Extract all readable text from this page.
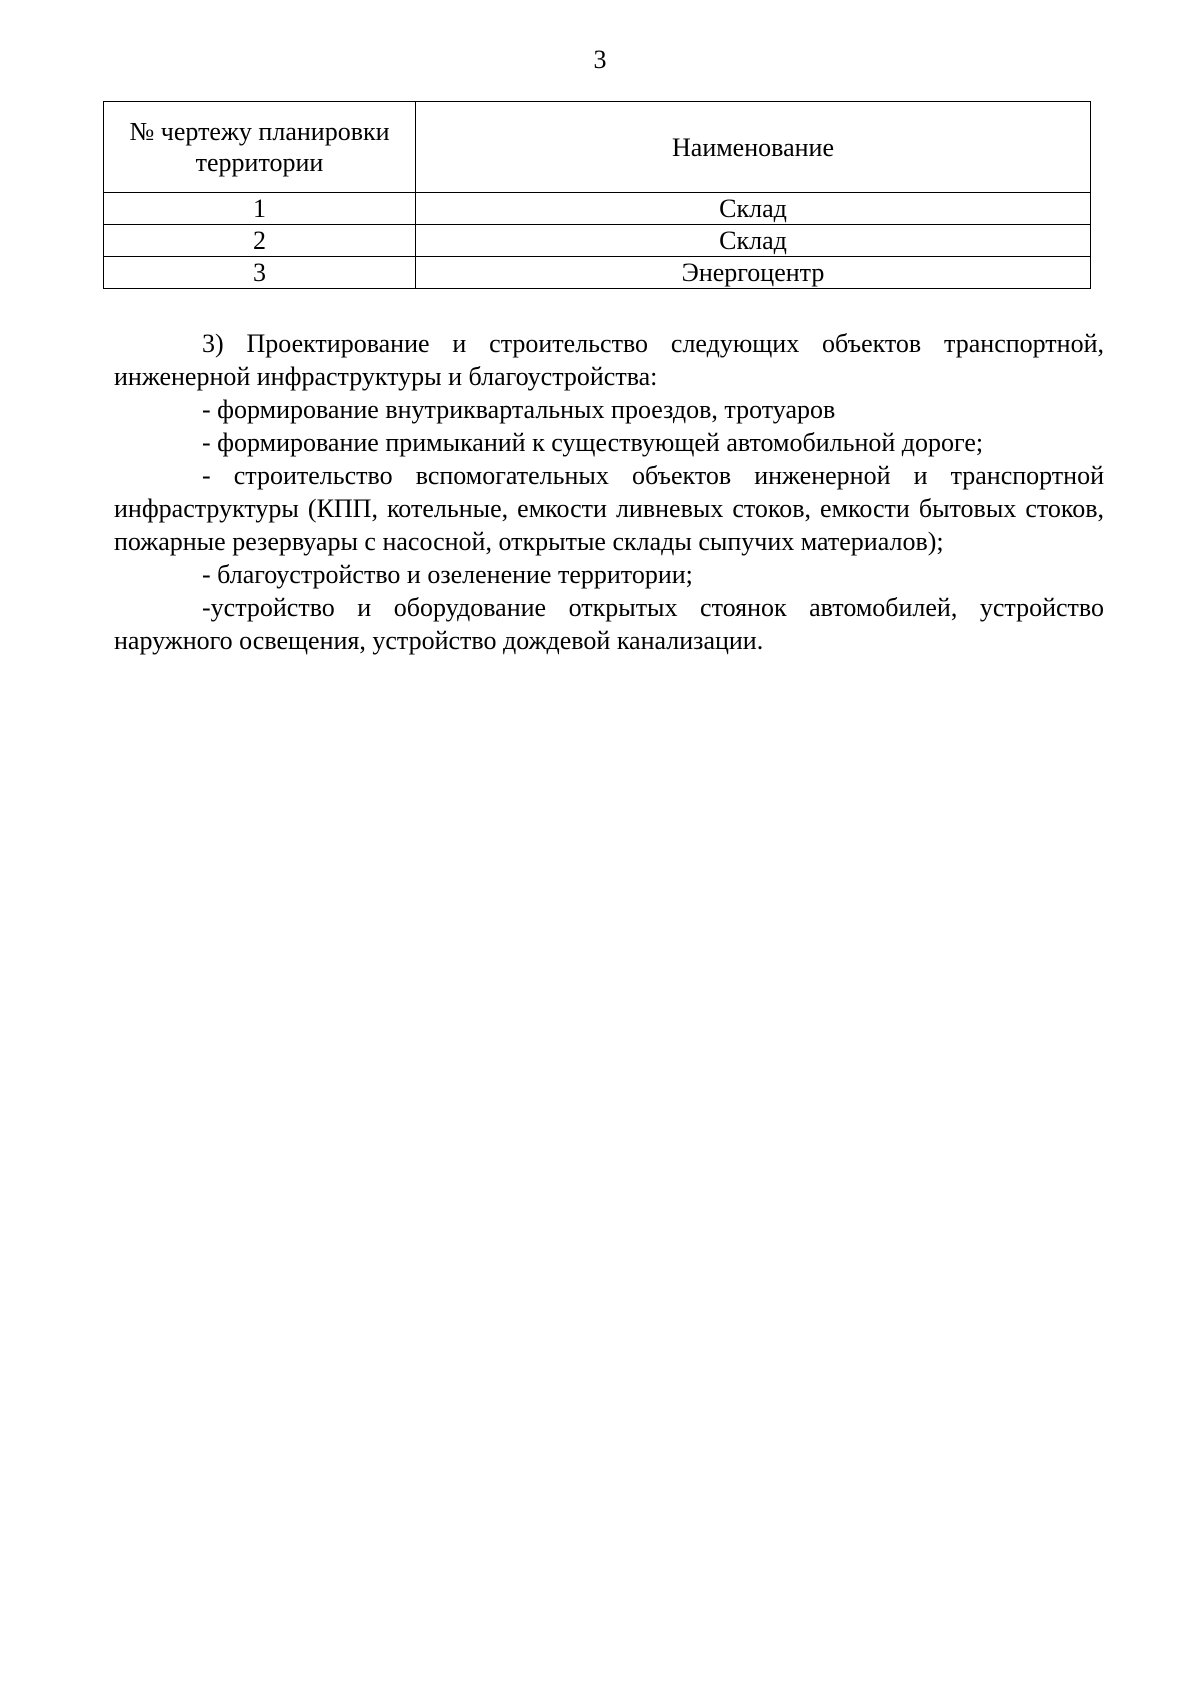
3
№ чертежу планировки территории	Наименование
1	Склад
2	Склад
3	Энергоцентр

3) Проектирование и строительство следующих объектов транспортной, инженерной инфраструктуры и благоустройства:

- формирование внутриквартальных проездов, тротуаров

- формирование примыканий к существующей автомобильной дороге;

- строительство вспомогательных объектов инженерной и транспортной инфраструктуры (КПП, котельные, емкости ливневых стоков, емкости бытовых стоков, пожарные резервуары с насосной, открытые склады сыпучих материалов);

- благоустройство и озеленение территории;

-устройство и оборудование открытых стоянок автомобилей, устройство наружного освещения, устройство дождевой канализации.
